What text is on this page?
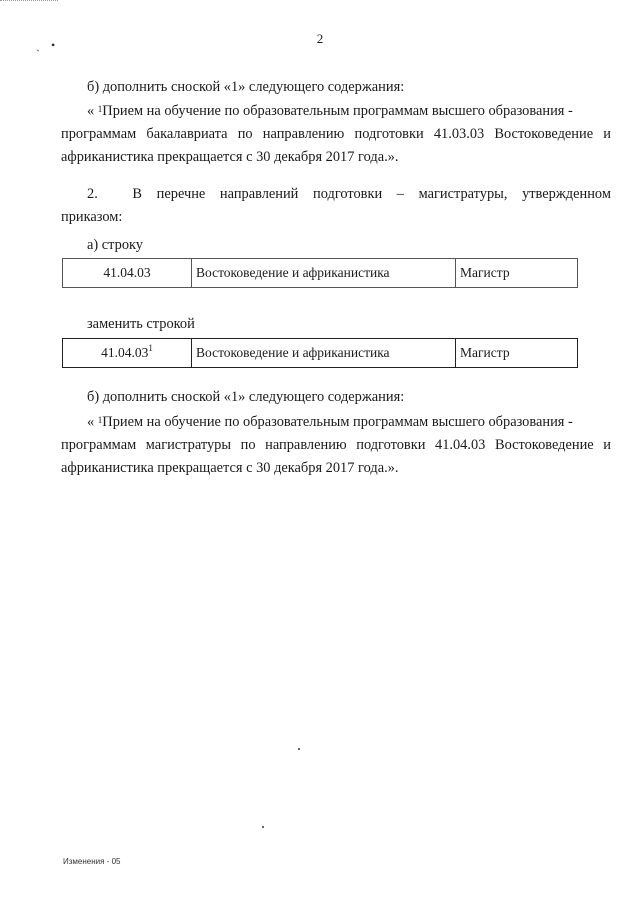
ˏ •	2
б) дополнить сноской «1» следующего содержания:
« $^1$Прием на обучение по образовательным программам высшего образования -
программам бакалавриата по направлению подготовки 41.03.03 Востоковедение и африканистика прекращается с 30 декабря 2017 года.».
2. В перечне направлений подготовки – магистратуры, утвержденном
приказом:
а) строку
41.04.03	Востоковедение и африканистика	Магистр
заменить строкой
41.04.03$^1$	Востоковедение и африканистика	Магистр
б) дополнить сноской «1» следующего содержания:
« $^1$Прием на обучение по образовательным программам высшего образования -
программам магистратуры по направлению подготовки 41.04.03 Востоковедение и африканистика прекращается с 30 декабря 2017 года.».
Изменения - 05
